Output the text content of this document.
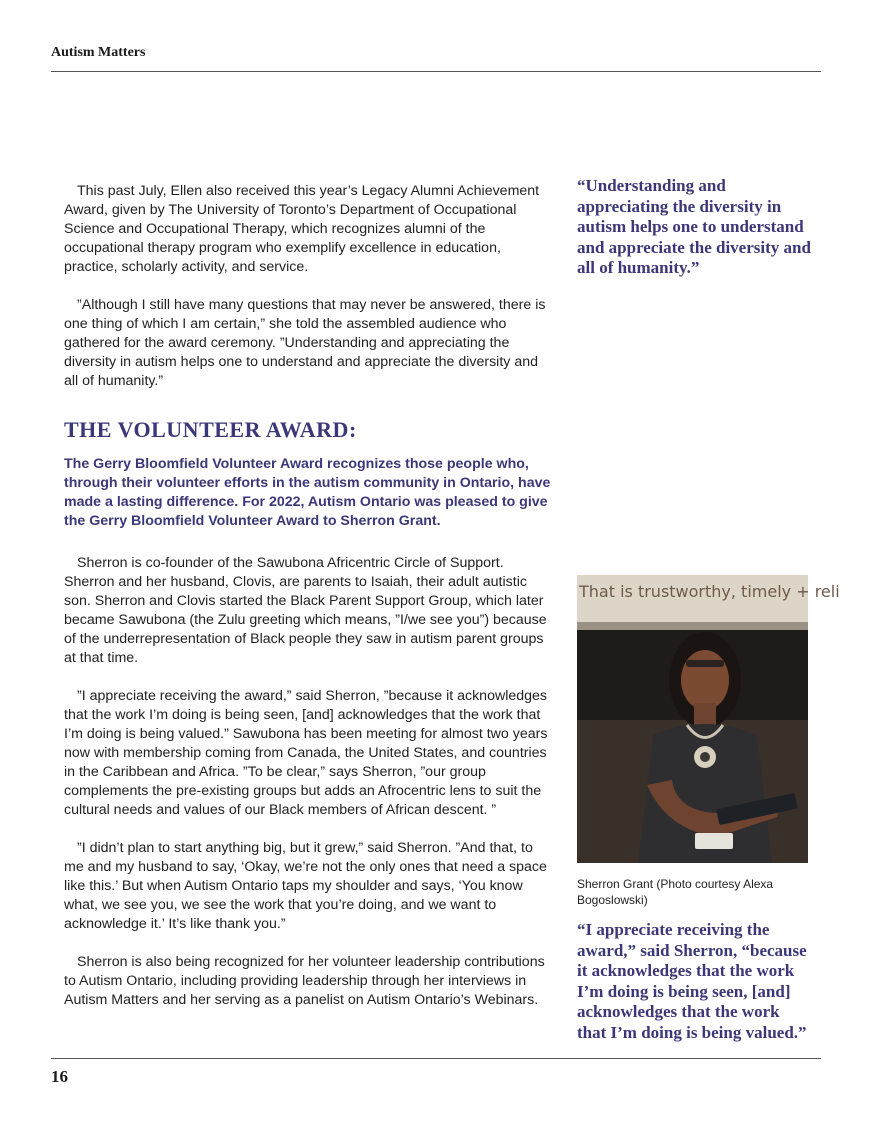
Autism Matters

This past July, Ellen also received this year’s Legacy Alumni Achievement Award, given by The University of Toronto’s Department of Occupational Science and Occupational Therapy, which recognizes alumni of the occupational therapy program who exemplify excellence in education, practice, scholarly activity, and service.

”Although I still have many questions that may never be answered, there is one thing of which I am certain,” she told the assembled audience who gathered for the award ceremony. ”Understanding and appreciating the diversity in autism helps one to understand and appreciate the diversity and all of humanity.”

THE VOLUNTEER AWARD:

The Gerry Bloomfield Volunteer Award recognizes those people who, through their volunteer efforts in the autism community in Ontario, have made a lasting difference. For 2022, Autism Ontario was pleased to give the Gerry Bloomfield Volunteer Award to Sherron Grant.

Sherron is co-founder of the Sawubona Africentric Circle of Support. Sherron and her husband, Clovis, are parents to Isaiah, their adult autistic son. Sherron and Clovis started the Black Parent Support Group, which later became Sawubona (the Zulu greeting which means, ”I/we see you”) because of the underrepresentation of Black people they saw in autism parent groups at that time.

”I appreciate receiving the award,” said Sherron, ”because it acknowledges that the work I’m doing is being seen, [and] acknowledges that the work that I’m doing is being valued.” Sawubona has been meeting for almost two years now with membership coming from Canada, the United States, and countries in the Caribbean and Africa. ”To be clear,” says Sherron, ”our group complements the pre-existing groups but adds an Afrocentric lens to suit the cultural needs and values of our Black members of African descent. ”

”I didn’t plan to start anything big, but it grew,” said Sherron. ”And that, to me and my husband to say, ‘Okay, we’re not the only ones that need a space like this.’ But when Autism Ontario taps my shoulder and says, ‘You know what, we see you, we see the work that you’re doing, and we want to acknowledge it.’ It’s like thank you.”

Sherron is also being recognized for her volunteer leadership contributions to Autism Ontario, including providing leadership through her interviews in Autism Matters and her serving as a panelist on Autism Ontario’s Webinars.

“Understanding and appreciating the diversity in autism helps one to understand and appreciate the diversity and all of humanity.”

That is trustworthy, timely + reli

Sherron Grant (Photo courtesy Alexa Bogoslowski)

“I appreciate receiving the award,” said Sherron, “because it acknowledges that the work I’m doing is being seen, [and] acknowledges that the work that I’m doing is being valued.”

16
